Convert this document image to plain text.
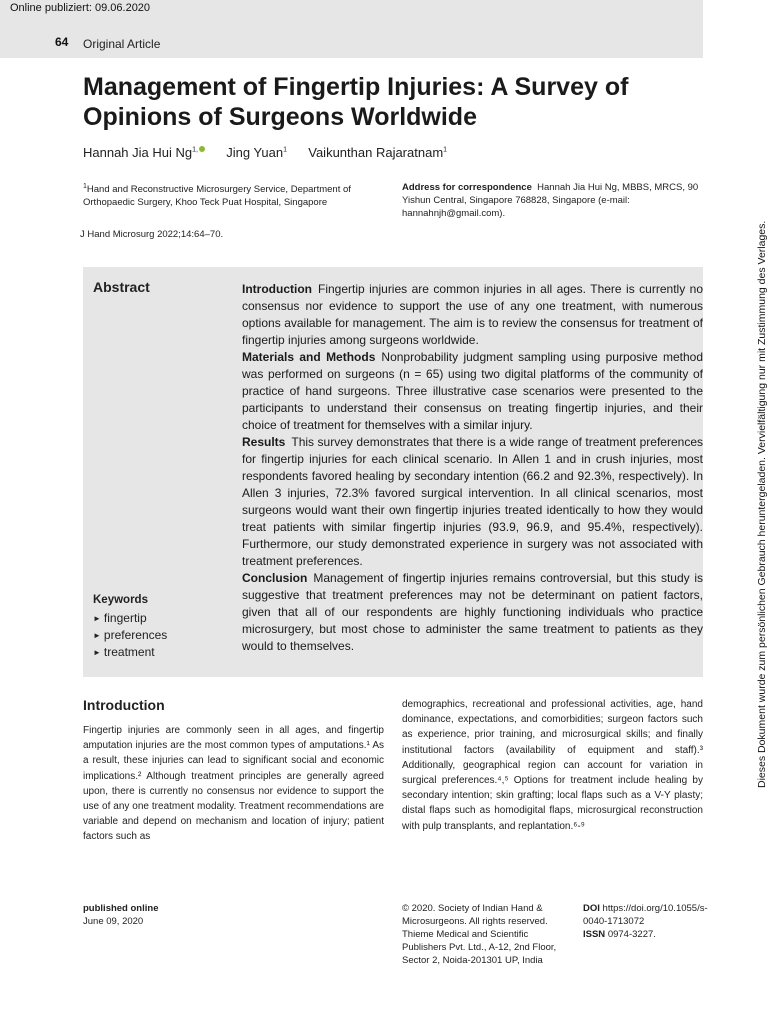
Online publiziert: 09.06.2020
64 Original Article
Management of Fingertip Injuries: A Survey of Opinions of Surgeons Worldwide
Hannah Jia Hui $Ng^{1,}$ Jing Yuan$^1$ Vaikunthan Rajaratnam$^1$
$^1$Hand and Reconstructive Microsurgery Service, Department of Orthopaedic Surgery, Khoo Teck Puat Hospital, Singapore
Address for correspondence Hannah Jia Hui Ng, MBBS, MRCS, 90 Yishun Central, Singapore 768828, Singapore (e-mail: hannahnjh@gmail.com).
J Hand Microsurg 2022;14:64–70.
Abstract	Introduction Fingertip injuries are common injuries in all ages. There is currently no consensus nor evidence to support the use of any one treatment, with numerous options available for management. The aim is to review the consensus for treatment of fingertip injuries among surgeons worldwide.

Materials and Methods Nonprobability judgment sampling using purposive method was performed on surgeons (n = 65) using two digital platforms of the community of practice of hand surgeons. Three illustrative case scenarios were presented to the participants to understand their consensus on treating fingertip injuries, and their choice of treatment for themselves with a similar injury.

Results This survey demonstrates that there is a wide range of treatment preferences for fingertip injuries for each clinical scenario. In Allen 1 and in crush injuries, most respondents favored healing by secondary intention (66.2 and 92.3%, respectively). In Allen 3 injuries, 72.3% favored surgical intervention. In all clinical scenarios, most surgeons would want their own fingertip injuries treated identically to how they would treat patients with similar fingertip injuries (93.9, 96.9, and 95.4%, respectively). Furthermore, our study demonstrated experience in surgery was not associated with treatment preferences.

Conclusion Management of fingertip injuries remains controversial, but this study is suggestive that treatment preferences may not be determinant on patient factors, given that all of our respondents are highly functioning individuals who practice microsurgery, but most chose to administer the same treatment to patients as they would to themselves.

Keywords
► fingertip
► preferences
► treatment
Introduction
Fingertip injuries are commonly seen in all ages, and fingertip amputation injuries are the most common types of amputations.¹ As a result, these injuries can lead to significant social and economic implications.² Although treatment principles are generally agreed upon, there is currently no consensus nor evidence to support the use of any one treatment modality. Treatment recommendations are variable and depend on mechanism and location of injury; patient factors such as
demographics, recreational and professional activities, age, hand dominance, expectations, and comorbidities; surgeon factors such as experience, prior training, and microsurgical skills; and finally institutional factors (availability of equipment and staff).³ Additionally, geographical region can account for variation in surgical preferences.⁴,⁵ Options for treatment include healing by secondary intention; skin grafting; local flaps such as a V-Y plasty; distal flaps such as homodigital flaps, microsurgical reconstruction with pulp transplants, and replantation.⁶-⁹
published online
June 09, 2020
© 2020. Society of Indian Hand & Microsurgeons. All rights reserved. Thieme Medical and Scientific Publishers Pvt. Ltd., A-12, 2nd Floor, Sector 2, Noida-201301 UP, India
DOI https://doi.org/10.1055/s-0040-1713072
ISSN 0974-3227.
Dieses Dokument wurde zum persönlichen Gebrauch heruntergeladen. Vervielfältigung nur mit Zustimmung des Verlages.
